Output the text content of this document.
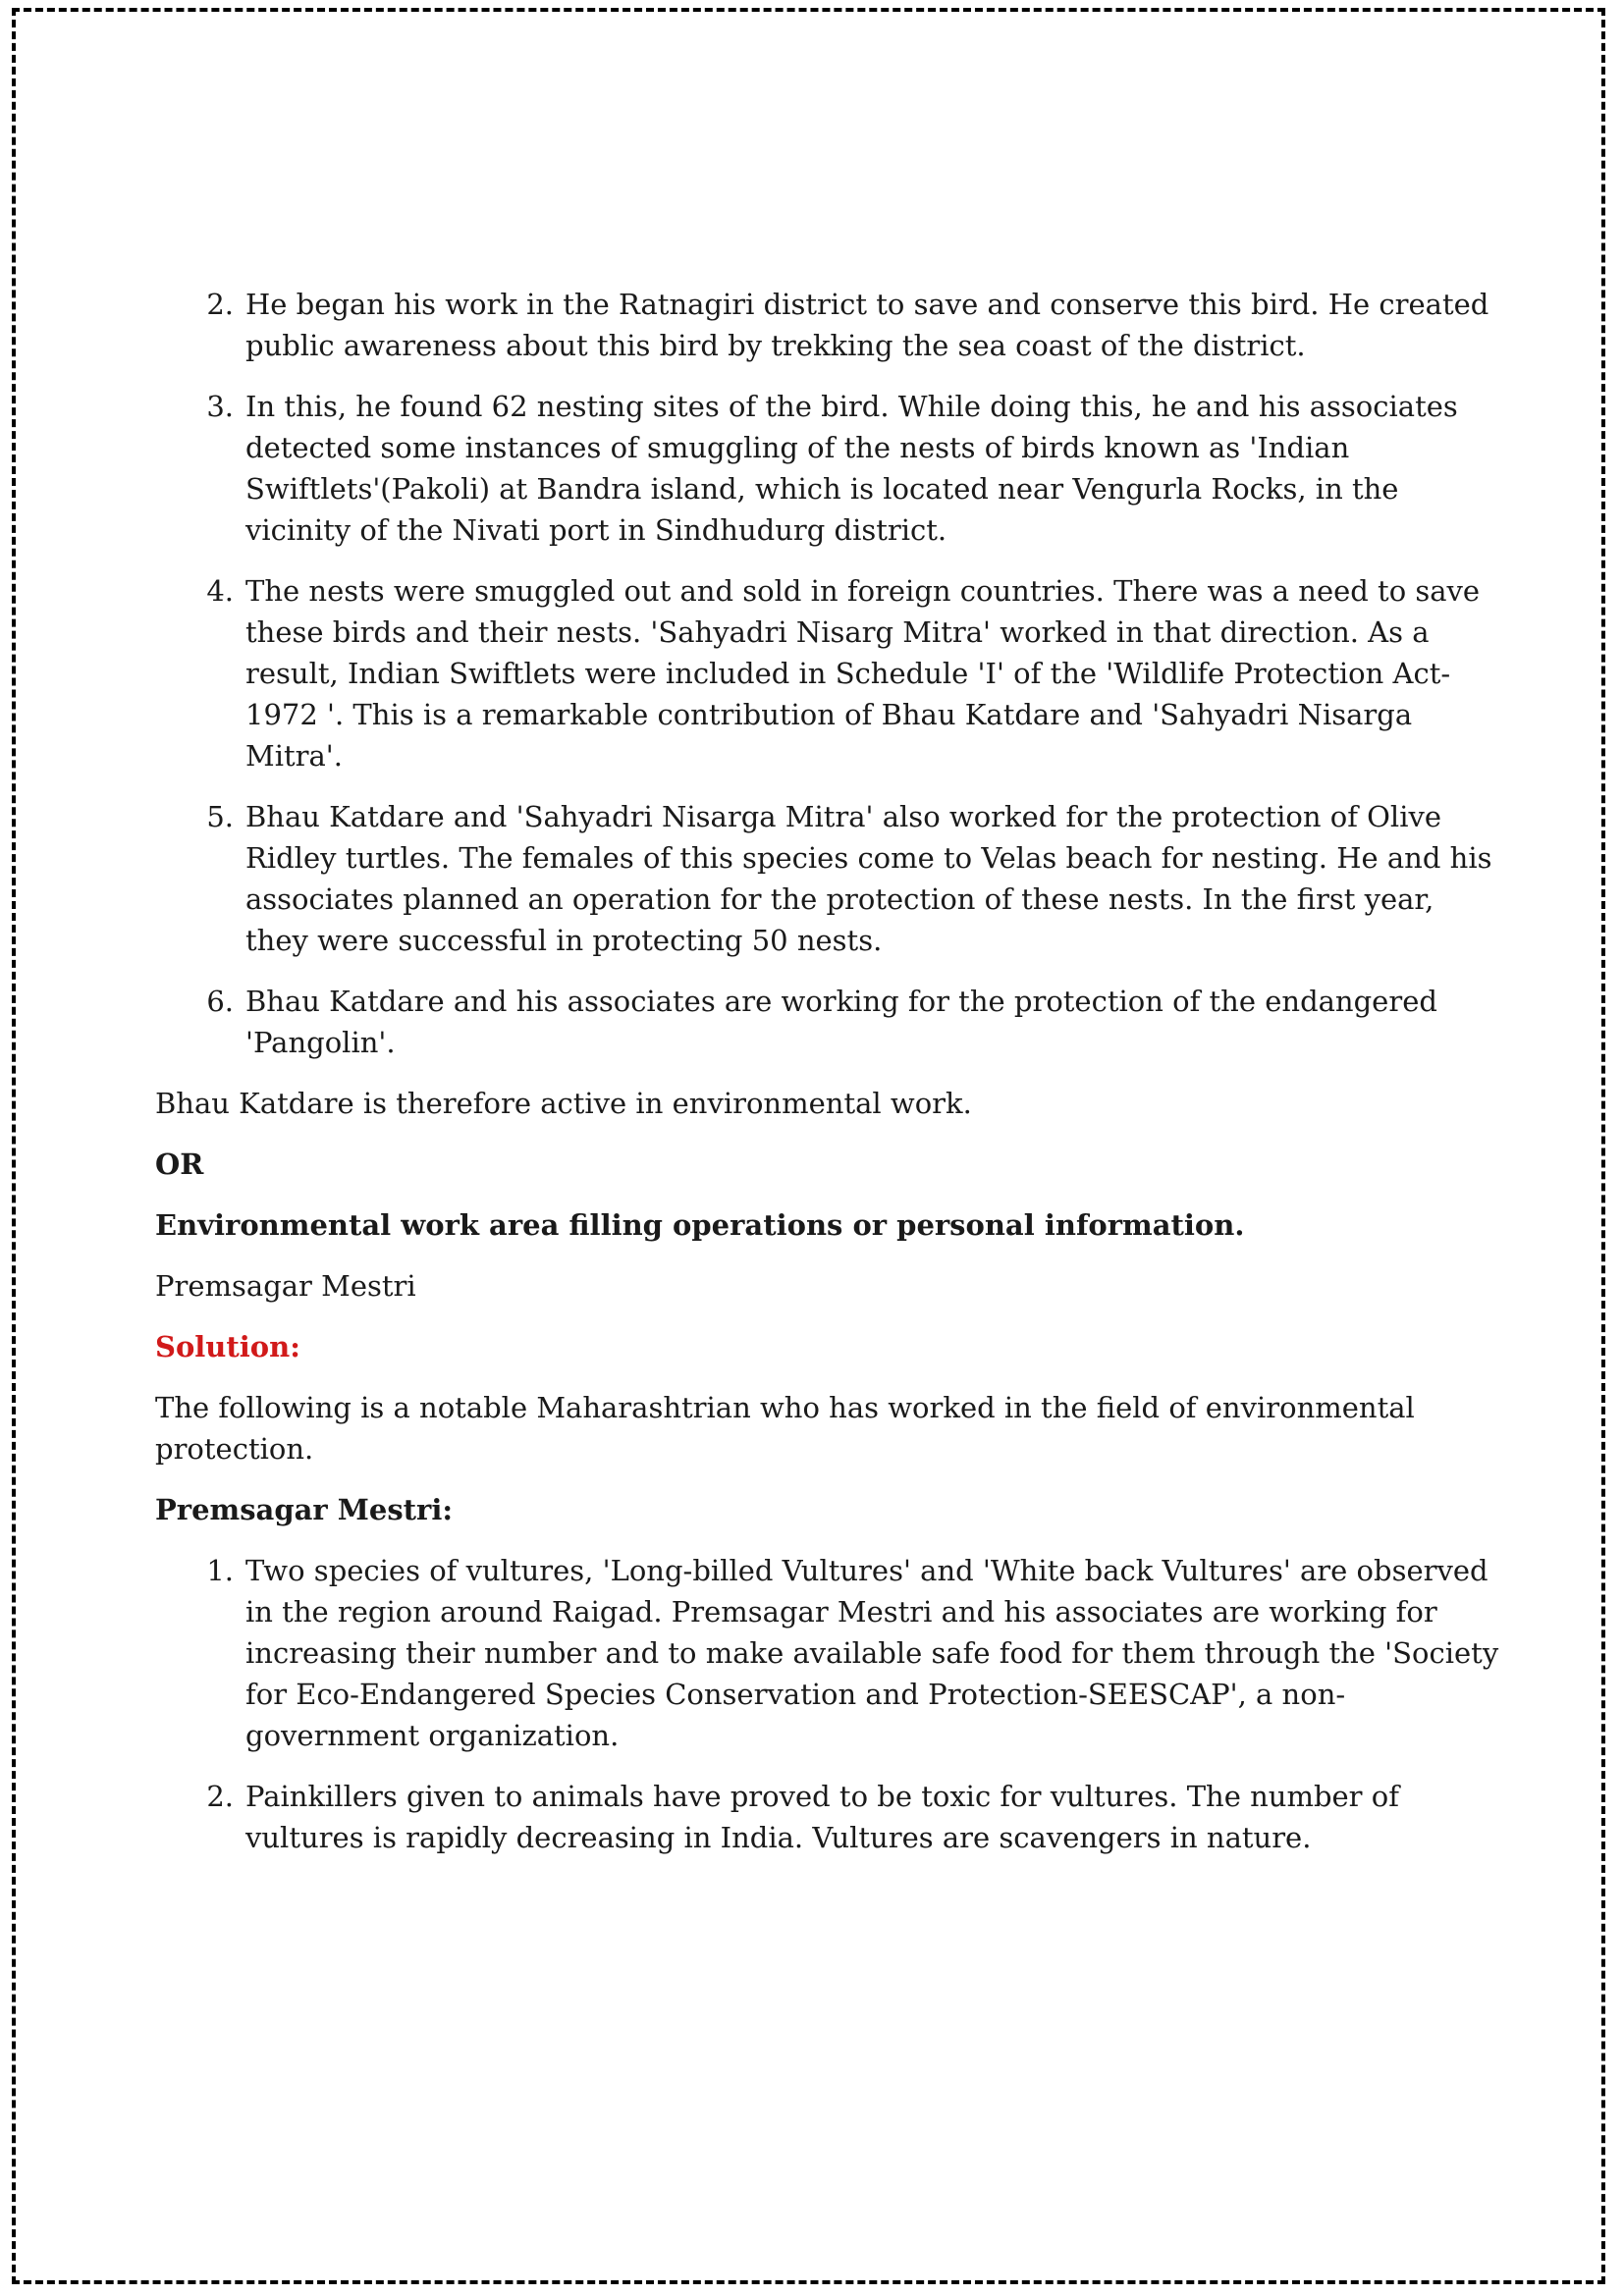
2. He began his work in the Ratnagiri district to save and conserve this bird. He created public awareness about this bird by trekking the sea coast of the district.
3. In this, he found 62 nesting sites of the bird. While doing this, he and his associates detected some instances of smuggling of the nests of birds known as 'Indian Swiftlets'(Pakoli) at Bandra island, which is located near Vengurla Rocks, in the vicinity of the Nivati port in Sindhudurg district.
4. The nests were smuggled out and sold in foreign countries. There was a need to save these birds and their nests. 'Sahyadri Nisarg Mitra' worked in that direction. As a result, Indian Swiftlets were included in Schedule 'I' of the 'Wildlife Protection Act-1972 '. This is a remarkable contribution of Bhau Katdare and 'Sahyadri Nisarga Mitra'.
5. Bhau Katdare and 'Sahyadri Nisarga Mitra' also worked for the protection of Olive Ridley turtles. The females of this species come to Velas beach for nesting. He and his associates planned an operation for the protection of these nests. In the first year, they were successful in protecting 50 nests.
6. Bhau Katdare and his associates are working for the protection of the endangered 'Pangolin'.

Bhau Katdare is therefore active in environmental work.

OR

Environmental work area filling operations or personal information.

Premsagar Mestri

Solution:

The following is a notable Maharashtrian who has worked in the field of environmental protection.

Premsagar Mestri:

1. Two species of vultures, 'Long-billed Vultures' and 'White back Vultures' are observed in the region around Raigad. Premsagar Mestri and his associates are working for increasing their number and to make available safe food for them through the 'Society for Eco-Endangered Species Conservation and Protection-SEESCAP', a non-government organization.
2. Painkillers given to animals have proved to be toxic for vultures. The number of vultures is rapidly decreasing in India. Vultures are scavengers in nature.
